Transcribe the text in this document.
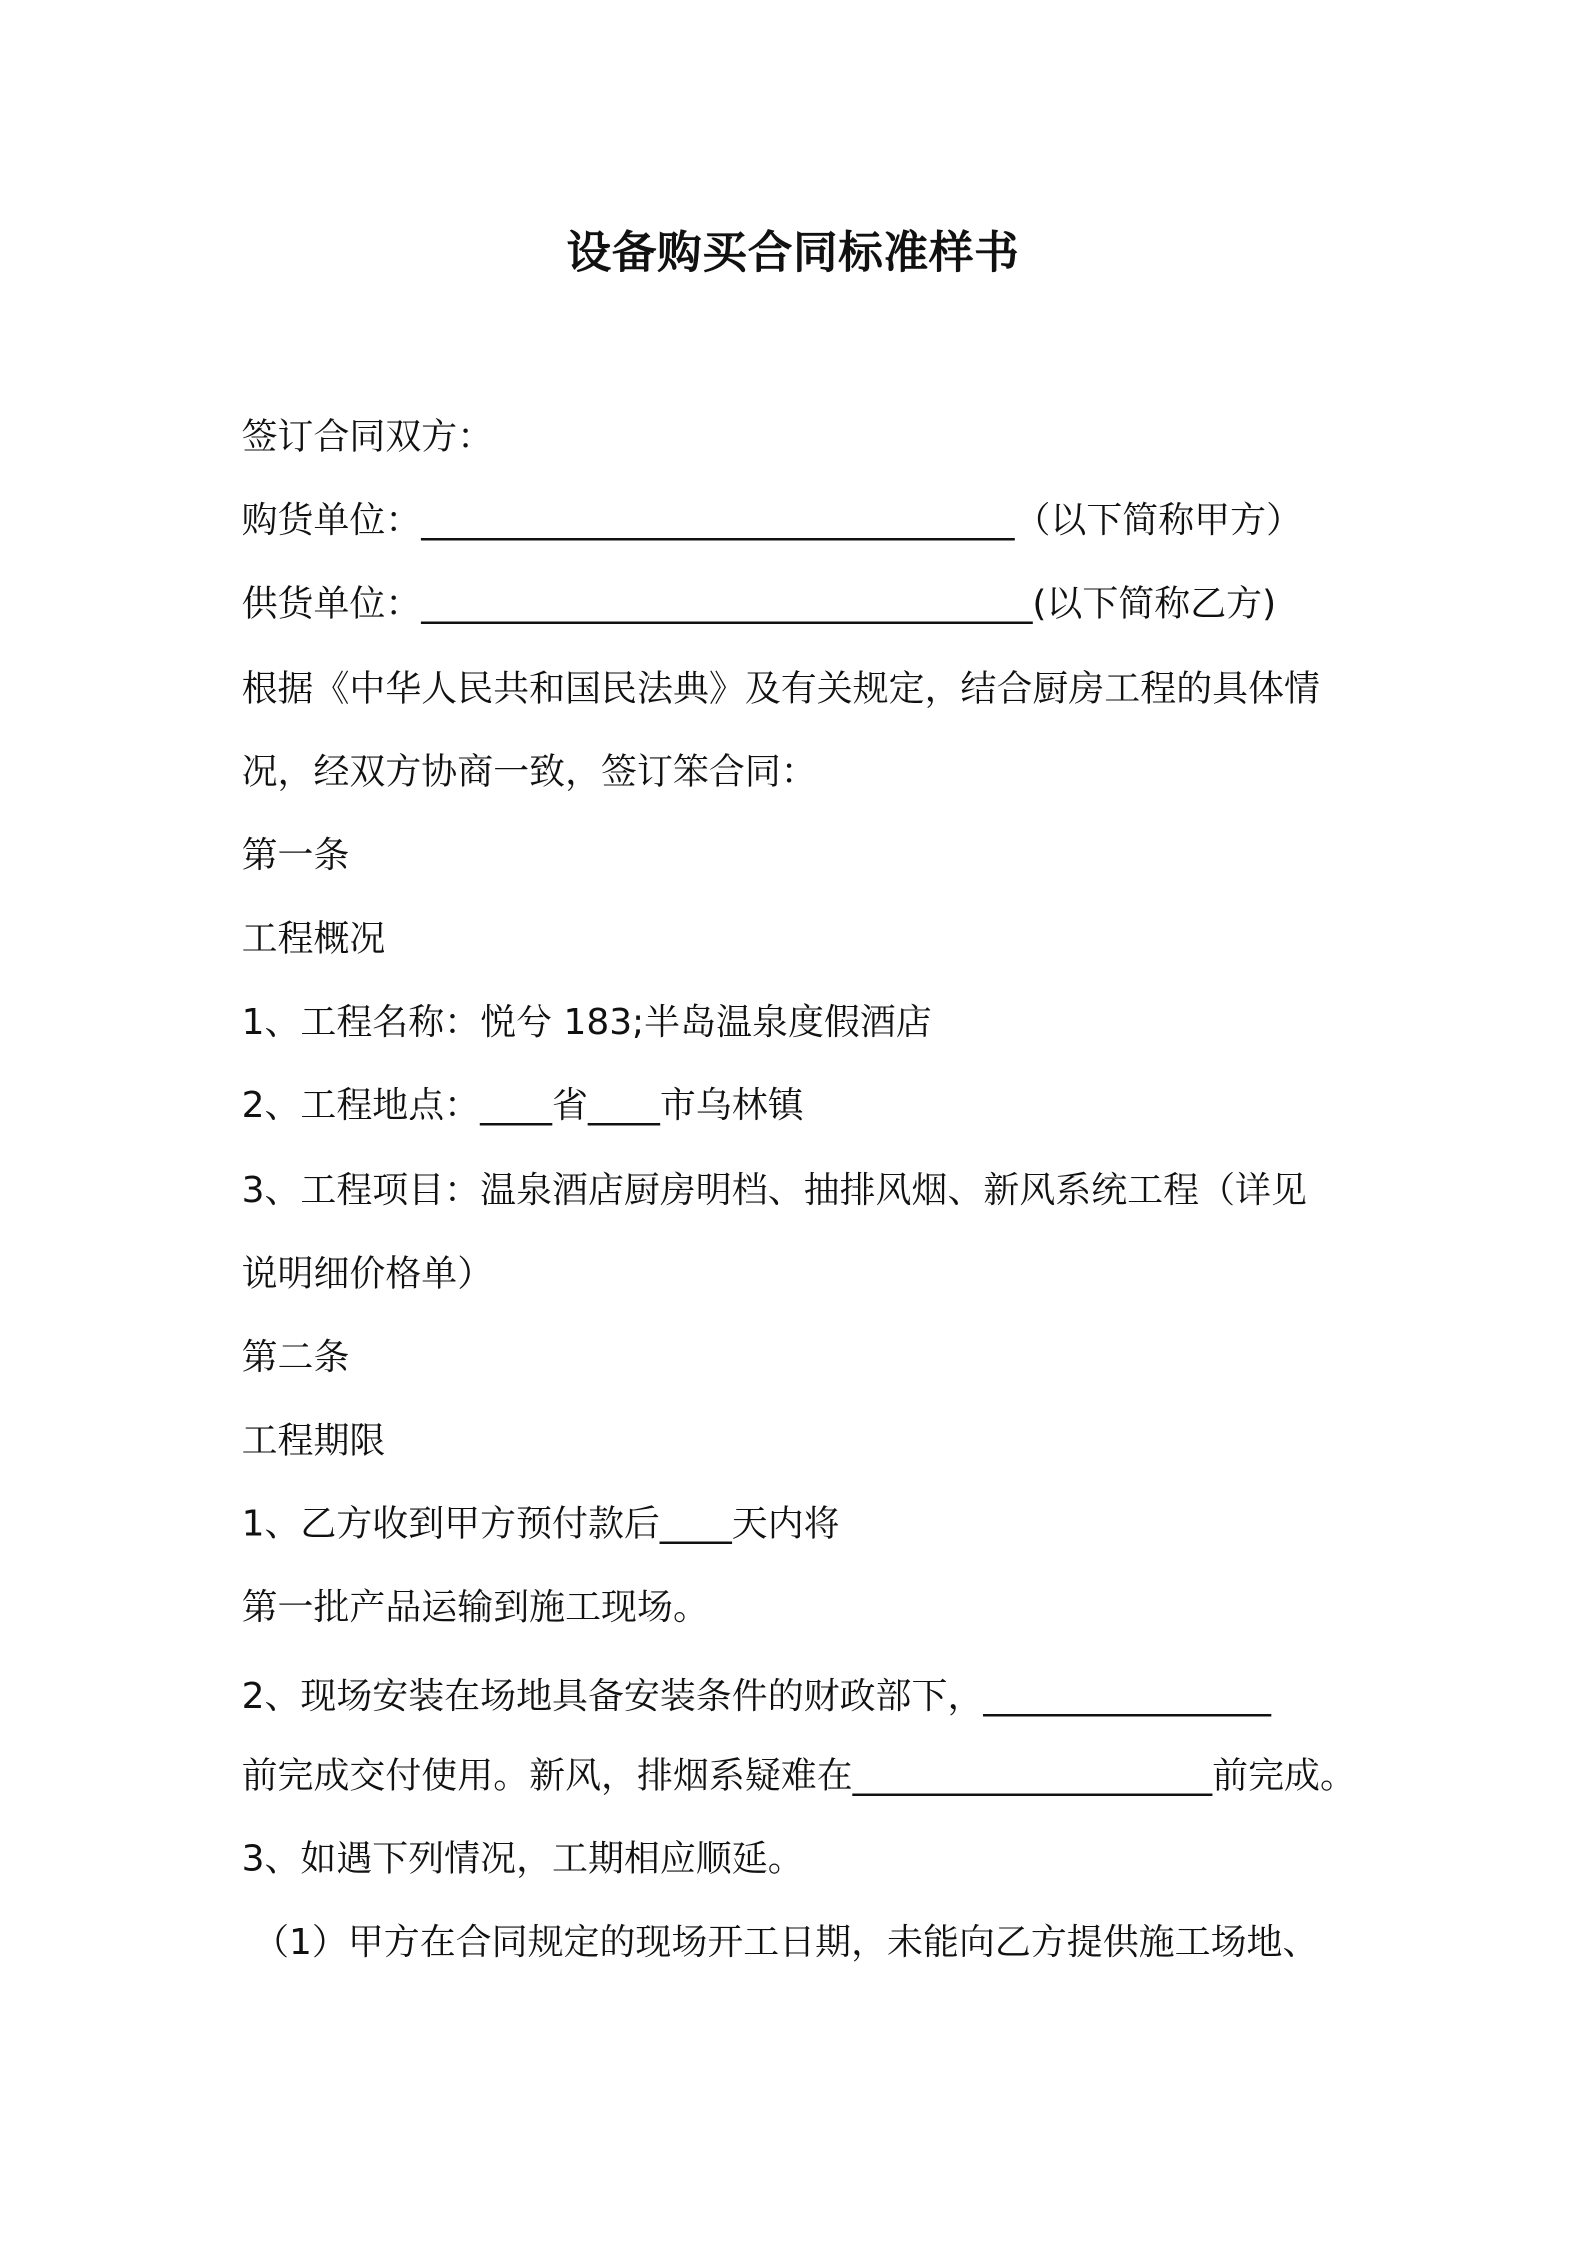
设备购买合同标准样书
签订合同双方：
购货单位：_________________________________（以下简称甲方）
供货单位：__________________________________(以下简称乙方)
根据《中华人民共和国民法典》及有关规定，结合厨房工程的具体情
况，经双方协商一致，签订笨合同：
第一条
工程概况
1、工程名称：悦兮 183;半岛温泉度假酒店
2、工程地点：____省____市乌林镇
3、工程项目：温泉酒店厨房明档、抽排风烟、新风系统工程（详见
说明细价格单）
第二条
工程期限
1、乙方收到甲方预付款后____天内将
第一批产品运输到施工现场。
2、现场安装在场地具备安装条件的财政部下，________________
前完成交付使用。新风，排烟系疑难在____________________前完成。
3、如遇下列情况，工期相应顺延。
（1）甲方在合同规定的现场开工日期，未能向乙方提供施工场地、
